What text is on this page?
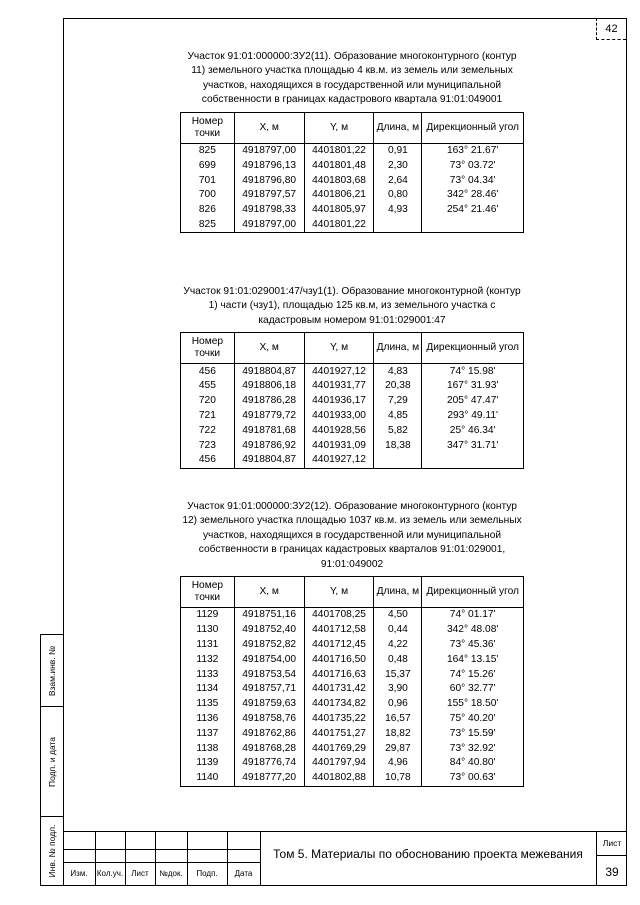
42
Взам.инв. №
Подп. и дата
Инв. № подл.

Участок 91:01:000000:ЗУ2(11). Образование многоконтурного (контур 11) земельного участка площадью 4 кв.м. из земель или земельных участков, находящихся в государственной или муниципальной собственности в границах кадастрового квартала 91:01:049001

Номер точки	X, м	Y, м	Длина, м	Дирекционный угол
825	4918797,00	4401801,22	0,91	163° 21.67'
699	4918796,13	4401801,48	2,30	73° 03.72'
701	4918796,80	4401803,68	2,64	73° 04.34'
700	4918797,57	4401806,21	0,80	342° 28.46'
826	4918798,33	4401805,97	4,93	254° 21.46'
825	4918797,00	4401801,22		

Участок 91:01:029001:47/чзу1(1). Образование многоконтурной (контур 1) части (чзу1), площадью 125 кв.м, из земельного участка с кадастровым номером 91:01:029001:47

Номер точки	X, м	Y, м	Длина, м	Дирекционный угол
456	4918804,87	4401927,12	4,83	74° 15.98'
455	4918806,18	4401931,77	20,38	167° 31.93'
720	4918786,28	4401936,17	7,29	205° 47.47'
721	4918779,72	4401933,00	4,85	293° 49.11'
722	4918781,68	4401928,56	5,82	25° 46.34'
723	4918786,92	4401931,09	18,38	347° 31.71'
456	4918804,87	4401927,12		

Участок 91:01:000000:ЗУ2(12). Образование многоконтурного (контур 12) земельного участка площадью 1037 кв.м. из земель или земельных участков, находящихся в государственной или муниципальной собственности в границах кадастровых кварталов 91:01:029001, 91:01:049002

Номер точки	X, м	Y, м	Длина, м	Дирекционный угол
1129	4918751,16	4401708,25	4,50	74° 01.17'
1130	4918752,40	4401712,58	0,44	342° 48.08'
1131	4918752,82	4401712,45	4,22	73° 45.36'
1132	4918754,00	4401716,50	0,48	164° 13.15'
1133	4918753,54	4401716,63	15,37	74° 15.26'
1134	4918757,71	4401731,42	3,90	60° 32.77'
1135	4918759,63	4401734,82	0,96	155° 18.50'
1136	4918758,76	4401735,22	16,57	75° 40.20'
1137	4918762,86	4401751,27	18,82	73° 15.59'
1138	4918768,28	4401769,29	29,87	73° 32.92'
1139	4918776,74	4401797,94	4,96	84° 40.80'
1140	4918777,20	4401802,88	10,78	73° 00.63'
Изм.	Кол.уч.	Лист	№док.	Подп.	Дата
Том 5. Материалы по обоснованию проекта межевания
Лист
39
